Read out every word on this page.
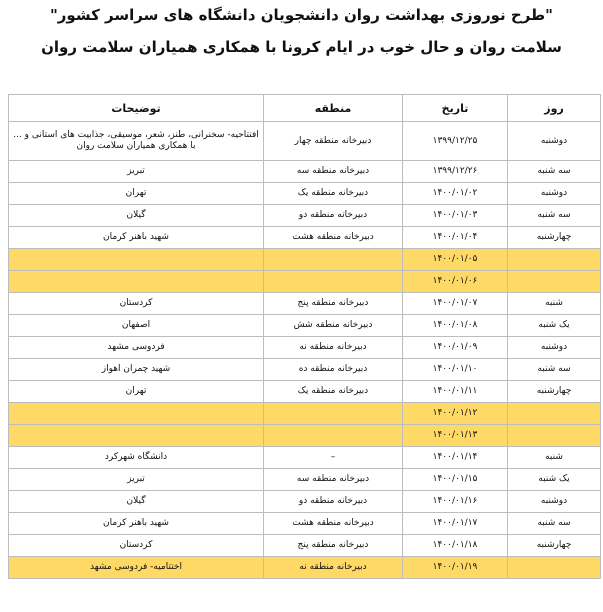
"طرح نوروزی بهداشت روان دانشجویان دانشگاه های سراسر کشور"
سلامت روان و حال خوب در ایام کرونا با همکاری همیاران سلامت روان
روز	تاریخ	منطقه	توضیحات
دوشنبه	۱۳۹۹/۱۲/۲۵	دبیرخانه منطقه چهار	افتتاحیه- سخنرانی، طنز، شعر، موسیقی، جذابیت های استانی و ... با همکاری همیاران سلامت روان
سه شنبه	۱۳۹۹/۱۲/۲۶	دبیرخانه منطقه سه	تبریز
دوشنبه	۱۴۰۰/۰۱/۰۲	دبیرخانه منطقه یک	تهران
سه شنبه	۱۴۰۰/۰۱/۰۳	دبیرخانه منطقه دو	گیلان
چهارشنبه	۱۴۰۰/۰۱/۰۴	دبیرخانه منطقه هشت	شهید باهنر کرمان
	۱۴۰۰/۰۱/۰۵		
	۱۴۰۰/۰۱/۰۶		
شنبه	۱۴۰۰/۰۱/۰۷	دبیرخانه منطقه پنج	کردستان
یک شنبه	۱۴۰۰/۰۱/۰۸	دبیرخانه منطقه شش	اصفهان
دوشنبه	۱۴۰۰/۰۱/۰۹	دبیرخانه منطقه نه	فردوسی مشهد
سه شنبه	۱۴۰۰/۰۱/۱۰	دبیرخانه منطقه ده	شهید چمران اهواز
چهارشنبه	۱۴۰۰/۰۱/۱۱	دبیرخانه منطقه یک	تهران
	۱۴۰۰/۰۱/۱۲		
	۱۴۰۰/۰۱/۱۳		
شنبه	۱۴۰۰/۰۱/۱۴	–	دانشگاه شهرکرد
یک شنبه	۱۴۰۰/۰۱/۱۵	دبیرخانه منطقه سه	تبریز
دوشنبه	۱۴۰۰/۰۱/۱۶	دبیرخانه منطقه دو	گیلان
سه شنبه	۱۴۰۰/۰۱/۱۷	دبیرخانه منطقه هشت	شهید باهنر کرمان
چهارشنبه	۱۴۰۰/۰۱/۱۸	دبیرخانه منطقه پنج	کردستان
	۱۴۰۰/۰۱/۱۹	دبیرخانه منطقه نه	اختتامیه- فردوسی مشهد
